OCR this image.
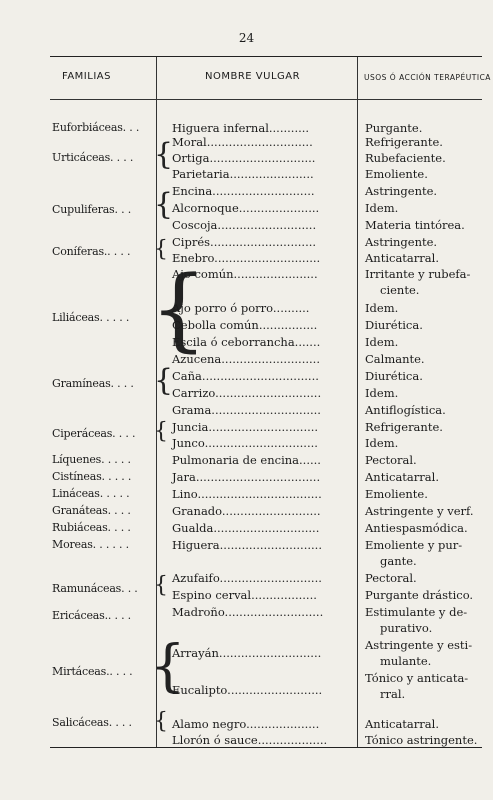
24
FAMILIAS	NOMBRE VULGAR	USOS Ó ACCIÓN TERAPÉUTICA
Euforbiáceas. . .
Urticáceas. . . .
Cupuliferas. . .
Coníferas.. . . .
Liliáceas. . . . .
Gramíneas. . . .
Ciperáceas. . . .
Líquenes. . . . .
Cistíneas. . . . .
Lináceas. . . . .
Granáteas. . . .
Rubiáceas. . . .
Moreas. . . . . .
Ramunáceas. . .
Ericáceas.. . . .
Mirtáceas.. . . .
Salicáceas. . . .
{
{
{
{
{
{
{
{
{
Higuera infernal...........
Moral.............................
Ortiga.............................
Parietaria.......................
Encina............................
Alcornoque......................
Coscoja...........................
Ciprés.............................
Enebro.............................
Ajo común.......................
Ajo porro ó porro..........
Cebolla común................
Escila ó ceborrancha.......
Azucena...........................
Caña................................
Carrizo.............................
Grama..............................
Juncia..............................
Junco...............................
Pulmonaria de encina......
Jara..................................
Lino..................................
Granado...........................
Gualda.............................
Higuera............................
Azufaifo............................
Espino cerval..................
Madroño...........................
Arrayán............................
Eucalipto..........................
Alamo negro....................
Llorón ó sauce...................
Purgante.
Refrigerante.
Rubefaciente.
Emoliente.
Astringente.
Idem.
Materia tintórea.
Astringente.
Anticatarral.
Irritante y rubefa-
ciente.
Idem.
Diurética.
Idem.
Calmante.
Diurética.
Idem.
Antiflogística.
Refrigerante.
Idem.
Pectoral.
Anticatarral.
Emoliente.
Astringente y verf.
Antiespasmódica.
Emoliente y pur-
gante.
Pectoral.
Purgante drástico.
Estimulante y de-
purativo.
Astringente y esti-
mulante.
Tónico y anticata-
rral.
Anticatarral.
Tónico astringente.
